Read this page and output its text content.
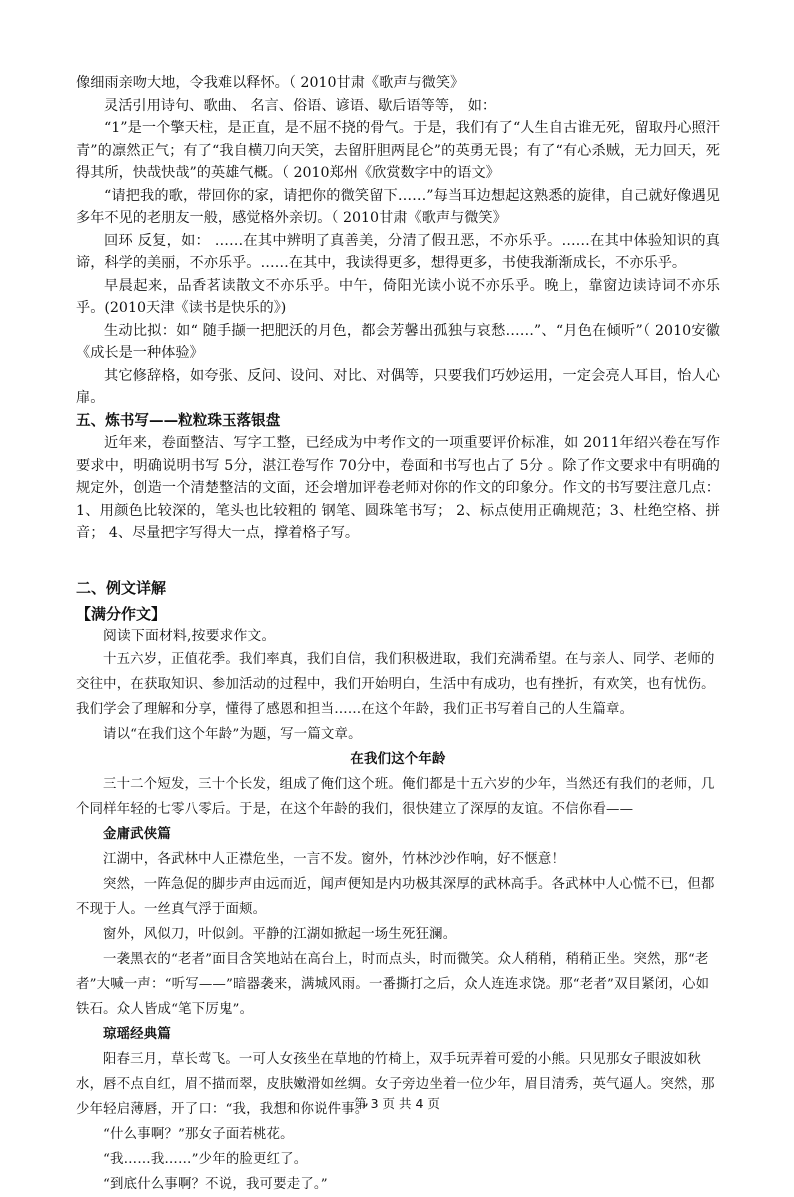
像细雨亲吻大地，令我难以释怀。（ 2010甘肃《歌声与微笑》

灵活引用诗句、歌曲、 名言、俗语、谚语、歇后语等等， 如：

“1”是一个擎天柱，是正直，是不屈不挠的骨气。于是，我们有了“人生自古谁无死，留取丹心照汗青”的凛然正气；有了“我自横刀向天笑，去留肝胆两昆仑”的英勇无畏；有了“有心杀贼，无力回天，死得其所，快哉快哉”的英雄气概。（ 2010郑州《欣赏数字中的语文》

“请把我的歌，带回你的家，请把你的微笑留下……”每当耳边想起这熟悉的旋律，自己就好像遇见多年不见的老朋友一般，感觉格外亲切。（ 2010甘肃《歌声与微笑》

回环 反复，如： ……在其中辨明了真善美，分清了假丑恶，不亦乐乎。……在其中体验知识的真谛，科学的美丽，不亦乐乎。……在其中，我读得更多，想得更多，书使我渐渐成长，不亦乐乎。

早晨起来，品香茗读散文不亦乐乎。中午，倚阳光读小说不亦乐乎。晚上，靠窗边读诗词不亦乐乎。(2010天津《读书是快乐的》)

生动比拟：如“ 随手撷一把肥沃的月色，都会芳馨出孤独与哀愁……”、“月色在倾听”（ 2010安徽《成长是一种体验》

其它修辞格，如夸张、反问、设问、对比、对偶等，只要我们巧妙运用，一定会亮人耳目，怡人心扉。

五、炼书写——粒粒珠玉落银盘

近年来，卷面整洁、写字工整，已经成为中考作文的一项重要评价标准，如 2011年绍兴卷在写作要求中，明确说明书写 5分，湛江卷写作 70分中，卷面和书写也占了 5分 。除了作文要求中有明确的规定外，创造一个清楚整洁的文面，还会增加评卷老师对你的作文的印象分。作文的书写要注意几点： 1、用颜色比较深的，笔头也比较粗的 钢笔、圆珠笔书写； 2、标点使用正确规范；3、杜绝空格、拼音； 4、尽量把字写得大一点，撑着格子写。

二、例文详解

【满分作文】

阅读下面材料,按要求作文。

十五六岁，正值花季。我们率真，我们自信，我们积极进取，我们充满希望。在与亲人、同学、老师的交往中，在获取知识、参加活动的过程中，我们开始明白，生活中有成功，也有挫折，有欢笑，也有忧伤。我们学会了理解和分享，懂得了感恩和担当……在这个年龄，我们正书写着自己的人生篇章。

请以“在我们这个年龄”为题，写一篇文章。

在我们这个年龄

三十二个短发，三十个长发，组成了俺们这个班。俺们都是十五六岁的少年，当然还有我们的老师，几个同样年轻的七零八零后。于是，在这个年龄的我们，很快建立了深厚的友谊。不信你看——

金庸武侠篇

江湖中，各武林中人正襟危坐，一言不发。窗外，竹林沙沙作响，好不惬意！

突然，一阵急促的脚步声由远而近，闻声便知是内功极其深厚的武林高手。各武林中人心慌不已，但都不现于人。一丝真气浮于面颊。

窗外，风似刀，叶似剑。平静的江湖如掀起一场生死狂澜。

一袭黑衣的“老者”面目含笑地站在高台上，时而点头，时而微笑。众人稍稍，稍稍正坐。突然，那“老者”大喊一声：“听写——”暗器袭来，满城风雨。一番撕打之后，众人连连求饶。那“老者”双目紧闭，心如铁石。众人皆成“笔下厉鬼”。

琼瑶经典篇

阳春三月，草长莺飞。一可人女孩坐在草地的竹椅上，双手玩弄着可爱的小熊。只见那女子眼波如秋水，唇不点自红，眉不描而翠，皮肤嫩滑如丝绸。女子旁边坐着一位少年，眉目清秀，英气逼人。突然，那少年轻启薄唇，开了口：“我，我想和你说件事。”

“什么事啊？”那女子面若桃花。

“我……我……”少年的脸更红了。

“到底什么事啊？不说，我可要走了。”

第 3 页 共 4 页
